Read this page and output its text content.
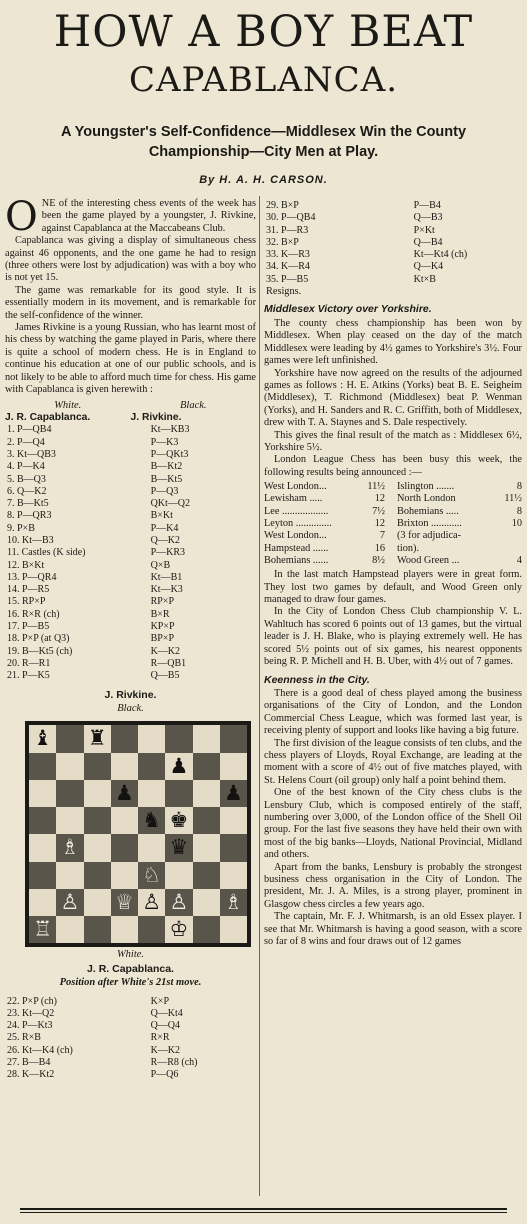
HOW A BOY BEAT
CAPABLANCA.
A Youngster's Self-Confidence—Middlesex Win the County Championship—City Men at Play.
By H. A. H. CARSON.
O NE of the interesting chess events of the week has been the game played by a youngster, J. Rivkine, against Capablanca at the Maccabeans Club.

Capablanca was giving a display of simultaneous chess against 46 opponents, and the one game he had to resign (three others were lost by adjudication) was with a boy who is not yet 15.

The game was remarkable for its good style. It is essentially modern in its movement, and is remarkable for the self-confidence of the winner.

James Rivkine is a young Russian, who has learnt most of his chess by watching the game played in Paris, where there is quite a school of modern chess. He is in England to continue his education at one of our public schools, and is not likely to be able to afford much time for chess. His game with Capablanca is given herewith :

White.	Black.
J. R. Capablanca.	J. Rivkine.
1. P—QB4	Kt—KB3
2. P—Q4	P—K3
3. Kt—QB3	P—QKt3
4. P—K4	B—Kt2
5. B—Q3	B—Kt5
6. Q—K2	P—Q3
7. B—Kt5	QKt—Q2
8. P—QR3	B×Kt
9. P×B	P—K4
10. Kt—B3	Q—K2
11. Castles (K side)	P—KR3
12. B×Kt	Q×B
13. P—QR4	Kt—B1
14. P—R5	Kt—K3
15. RP×P	RP×P
16. R×R (ch)	B×R
17. P—B5	KP×P
18. P×P (at Q3)	BP×P
19. B—Kt5 (ch)	K—K2
20. R—R1	R—QB1
21. P—K5	Q—B5
J. Rivkine.
Black.
♝ ♜
♟
♟	♟
♞ ♚
♗	♛
♘
♙ ♕ ♙ ♙ ♗
♖	♔
White.
J. R. Capablanca.
Position after White's 21st move.
22. P×P (ch)	K×P
23. Kt—Q2	Q—Kt4
24. P—Kt3	Q—Q4
25. R×B	R×R
26. Kt—K4 (ch)	K—K2
27. B—B4	R—R8 (ch)
28. K—Kt2	P—Q6
29. B×P	P—B4
30. P—QB4	Q—B3
31. P—R3	P×Kt
32. B×P	Q—B4
33. K—R3	Kt—Kt4 (ch)
34. K—R4	Q—K4
35. P—B5	Kt×B
Resigns.
Middlesex Victory over Yorkshire.

The county chess championship has been won by Middlesex. When play ceased on the day of the match Middlesex were leading by 4½ games to Yorkshire's 3½. Four games were left unfinished.

Yorkshire have now agreed on the results of the adjourned games as follows : H. E. Atkins (Yorks) beat B. E. Seigheim (Middlesex), T. Richmond (Middlesex) beat P. Wenman (Yorks), and H. Sanders and R. C. Griffith, both of Middlesex, drew with T. A. Staynes and S. Dale respectively.

This gives the final result of the match as : Middlesex 6½, Yorkshire 5½.

London League Chess has been busy this week, the following results being announced :—

West London...	11½ Islington .......	8
Lewisham .....	12 North London	11½
Lee ..................	7½ Bohemians .....	8
Leyton ..............	12 Brixton ............	10
West London...	7 (3 for adjudica-
Hampstead ......	16 tion).
Bohemians ......	8½ Wood Green ...	4

In the last match Hampstead players were in great form. They lost two games by default, and Wood Green only managed to draw four games.

In the City of London Chess Club championship V. L. Wahltuch has scored 6 points out of 13 games, but the virtual leader is J. H. Blake, who is playing extremely well. He has scored 5½ points out of six games, his nearest opponents being R. P. Michell and H. B. Uber, with 4½ out of 7 games.

Keenness in the City.

There is a good deal of chess played among the business organisations of the City of London, and the London Commercial Chess League, which was formed last year, is receiving plenty of support and looks like having a big future.

The first division of the league consists of ten clubs, and the chess players of Lloyds, Royal Exchange, are leading at the moment with a score of 4½ out of five matches played, with St. Helens Court (oil group) only half a point behind them.

One of the best known of the City chess clubs is the Lensbury Club, which is composed entirely of the staff, numbering over 3,000, of the London office of the Shell Oil group. For the last five seasons they have held their own with most of the big banks—Lloyds, National Provincial, Midland and others.

Apart from the banks, Lensbury is probably the strongest business chess organisation in the City of London. The president, Mr. J. A. Miles, is a strong player, prominent in Glasgow chess circles a few years ago.

The captain, Mr. F. J. Whitmarsh, is an old Essex player. I see that Mr. Whitmarsh is having a good season, with a score so far of 8 wins and four draws out of 12 games
